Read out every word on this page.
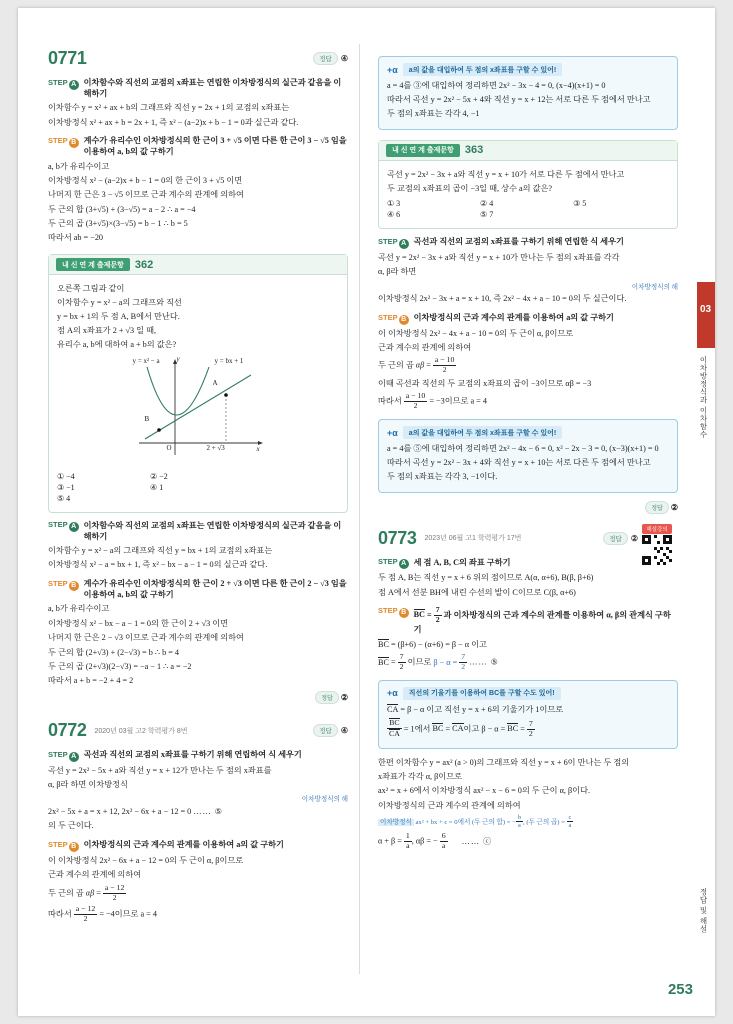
0771	정답	④
STEP A 이차함수와 직선의 교점의 x좌표는 연립한 이차방정식의 실근과 같음을 이해하기

이차함수 y = x² + ax + b의 그래프와 직선 y = 2x + 1의 교점의 x좌표는

이차방정식 x² + ax + b = 2x + 1, 즉 x² − (a−2)x + b − 1 = 0과 실근과 같다.

STEP B 계수가 유리수인 이차방정식의 한 근이 3 + √5 이면 다른 한 근이 3 − √5 임을 이용하여 a, b의 값 구하기

a, b가 유리수이고

이차방정식 x² − (a−2)x + b − 1 = 0의 한 근이 3 + √5 이면

나머지 한 근은 3 − √5 이므로 근과 계수의 관계에 의하여

두 근의 합 (3+√5) + (3−√5) = a − 2 ∴ a = −4

두 근의 곱 (3+√5)×(3−√5) = b − 1 ∴ b = 5

따라서 ab = −20

내 신 연 계 출제문항	362

오른쪽 그림과 같이

이차함수 y = x² − a의 그래프와 직선

y = bx + 1의 두 점 A, B에서 만난다.

점 A의 x좌표가 2 + √3 일 때,

유리수 a, b에 대하여 a + b의 값은?

A
B
y = bx + 1
y = x² − a
O	x
y
2 + √3
① −4	② −2
③ −1	④ 1
⑤ 4
STEP A 이차함수와 직선의 교점의 x좌표는 연립한 이차방정식의 실근과 같음을 이해하기

이차함수 y = x² − a의 그래프와 직선 y = bx + 1의 교점의 x좌표는

이차방정식 x² − a = bx + 1, 즉 x² − bx − a − 1 = 0의 실근과 같다.

STEP B 계수가 유리수인 이차방정식의 한 근이 2 + √3 이면 다른 한 근이 2 − √3 임을 이용하여 a, b의 값 구하기

a, b가 유리수이고

이차방정식 x² − bx − a − 1 = 0의 한 근이 2 + √3 이면

나머지 한 근은 2 − √3 이므로 근과 계수의 관계에 의하여

두 근의 합 (2+√3) + (2−√3) = b ∴ b = 4

두 근의 곱 (2+√3)(2−√3) = −a − 1 ∴ a = −2

따라서 a + b = −2 + 4 = 2

정답 ②
0772 2020년 03월 고2 학력평가 8번	정답	④
STEP A 곡선과 직선의 교점의 x좌표를 구하기 위해 연립하여 식 세우기

곡선 y = 2x² − 5x + a와 직선 y = x + 12가 만나는 두 점의 x좌표를

α, β라 하면 이차방정식

이차방정식의 해

2x² − 5x + a = x + 12, 2x² − 6x + a − 12 = 0 …… ⑤

의 두 근이다.

STEP B 이차방정식의 근과 계수의 관계를 이용하여 a의 값 구하기

이 이차방정식 2x² − 6x + a − 12 = 0의 두 근이 α, β이므로

근과 계수의 관계에 의하여

두 근의 곱 $\alpha\beta = \frac{a - 12}{2}$

따라서 $\frac{a - 12}{2} = -4$이므로 a = 4

+α	a의 값을 대입하여 두 점의 x좌표를 구할 수 있어!

a = 4를 ③에 대입하여 정리하면 2x² − 3x − 4 = 0, (x−4)(x+1) = 0

따라서 곡선 y = 2x² − 5x + 4와 직선 y = x + 12는 서로 다른 두 점에서 만나고

두 점의 x좌표는 각각 4, −1

내 신 연 계 출제문항	363

곡선 y = 2x² − 3x + a와 직선 y = x + 10가 서로 다른 두 점에서 만나고

두 교점의 x좌표의 곱이 −3일 때, 상수 a의 값은?

① 3	② 4	③ 5
④ 6	⑤ 7
STEP A 곡선과 직선의 교점의 x좌표를 구하기 위해 연립한 식 세우기

곡선 y = 2x² − 3x + a와 직선 y = x + 10가 만나는 두 점의 x좌표를 각각

α, β라 하면

이차방정식의 해

이차방정식 2x² − 3x + a = x + 10, 즉 2x² − 4x + a − 10 = 0의 두 실근이다.

STEP B 이차방정식의 근과 계수의 관계를 이용하여 a의 값 구하기

이 이차방정식 2x² − 4x + a − 10 = 0의 두 근이 α, β이므로

근과 계수의 관계에 의하여

두 근의 곱 $\alpha\beta = \frac{a - 10}{2}$

이때 곡선과 직선의 두 교점의 x좌표의 곱이 −3이므로 αβ = −3

따라서 $\frac{a - 10}{2} = -3$이므로 a = 4

+α	a의 값을 대입하여 두 점의 x좌표를 구할 수 있어!

a = 4를 ⑤에 대입하여 정리하면 2x² − 4x − 6 = 0, x² − 2x − 3 = 0, (x−3)(x+1) = 0

따라서 곡선 y = 2x² − 3x + 4와 직선 y = x + 10는 서로 다른 두 점에서 만나고

두 점의 x좌표는 각각 3, −1이다.

정답 ②
해설강의
0773 2023년 06월 고1 학력평가 17번	정답	②
STEP A 세 점 A, B, C의 좌표 구하기

두 점 A, B는 직선 y = x + 6 위의 점이므로 A(α, α+6), B(β, β+6)

점 A에서 선분 BH에 내린 수선의 발이 C이므로 C(β, α+6)

STEP B BC = $\frac{7}{2}$ 과 이차방정식의 근과 계수의 관계를 이용하여 α, β의 관계식 구하기

BC = (β+6) − (α+6) = β − α 이고

BC = $\frac{7}{2}$ 이므로 $\beta - \alpha = \frac{7}{2}$ …… ⑤

+α	직선의 기울기를 이용하여 BC를 구할 수도 있어!

CA = β − α 이고 직선 y = x + 6의 기울기가 1이므로

$\frac{BC}{CA} = 1$에서 BC = CA이고 β − α = BC = $\frac{7}{2}$

한편 이차함수 y = ax² (a > 0)의 그래프와 직선 y = x + 6이 만나는 두 점의

x좌표가 각각 α, β이므로

ax² = x + 6에서 이차방정식 ax² − x − 6 = 0의 두 근이 α, β이다.

이차방정식의 근과 계수의 관계에 의하여

이차방정식 ax² + bx + c = 0에서 (두 근의 합) = − $\frac{b}{a}$ , (두 근의 곱) = $\frac{c}{a}$

$\alpha + \beta = \frac{1}{a}$ , αβ = − $\frac{6}{a}$ …… ⓒ

03
이차방정식과 이차함수
정답 및 해설
253
